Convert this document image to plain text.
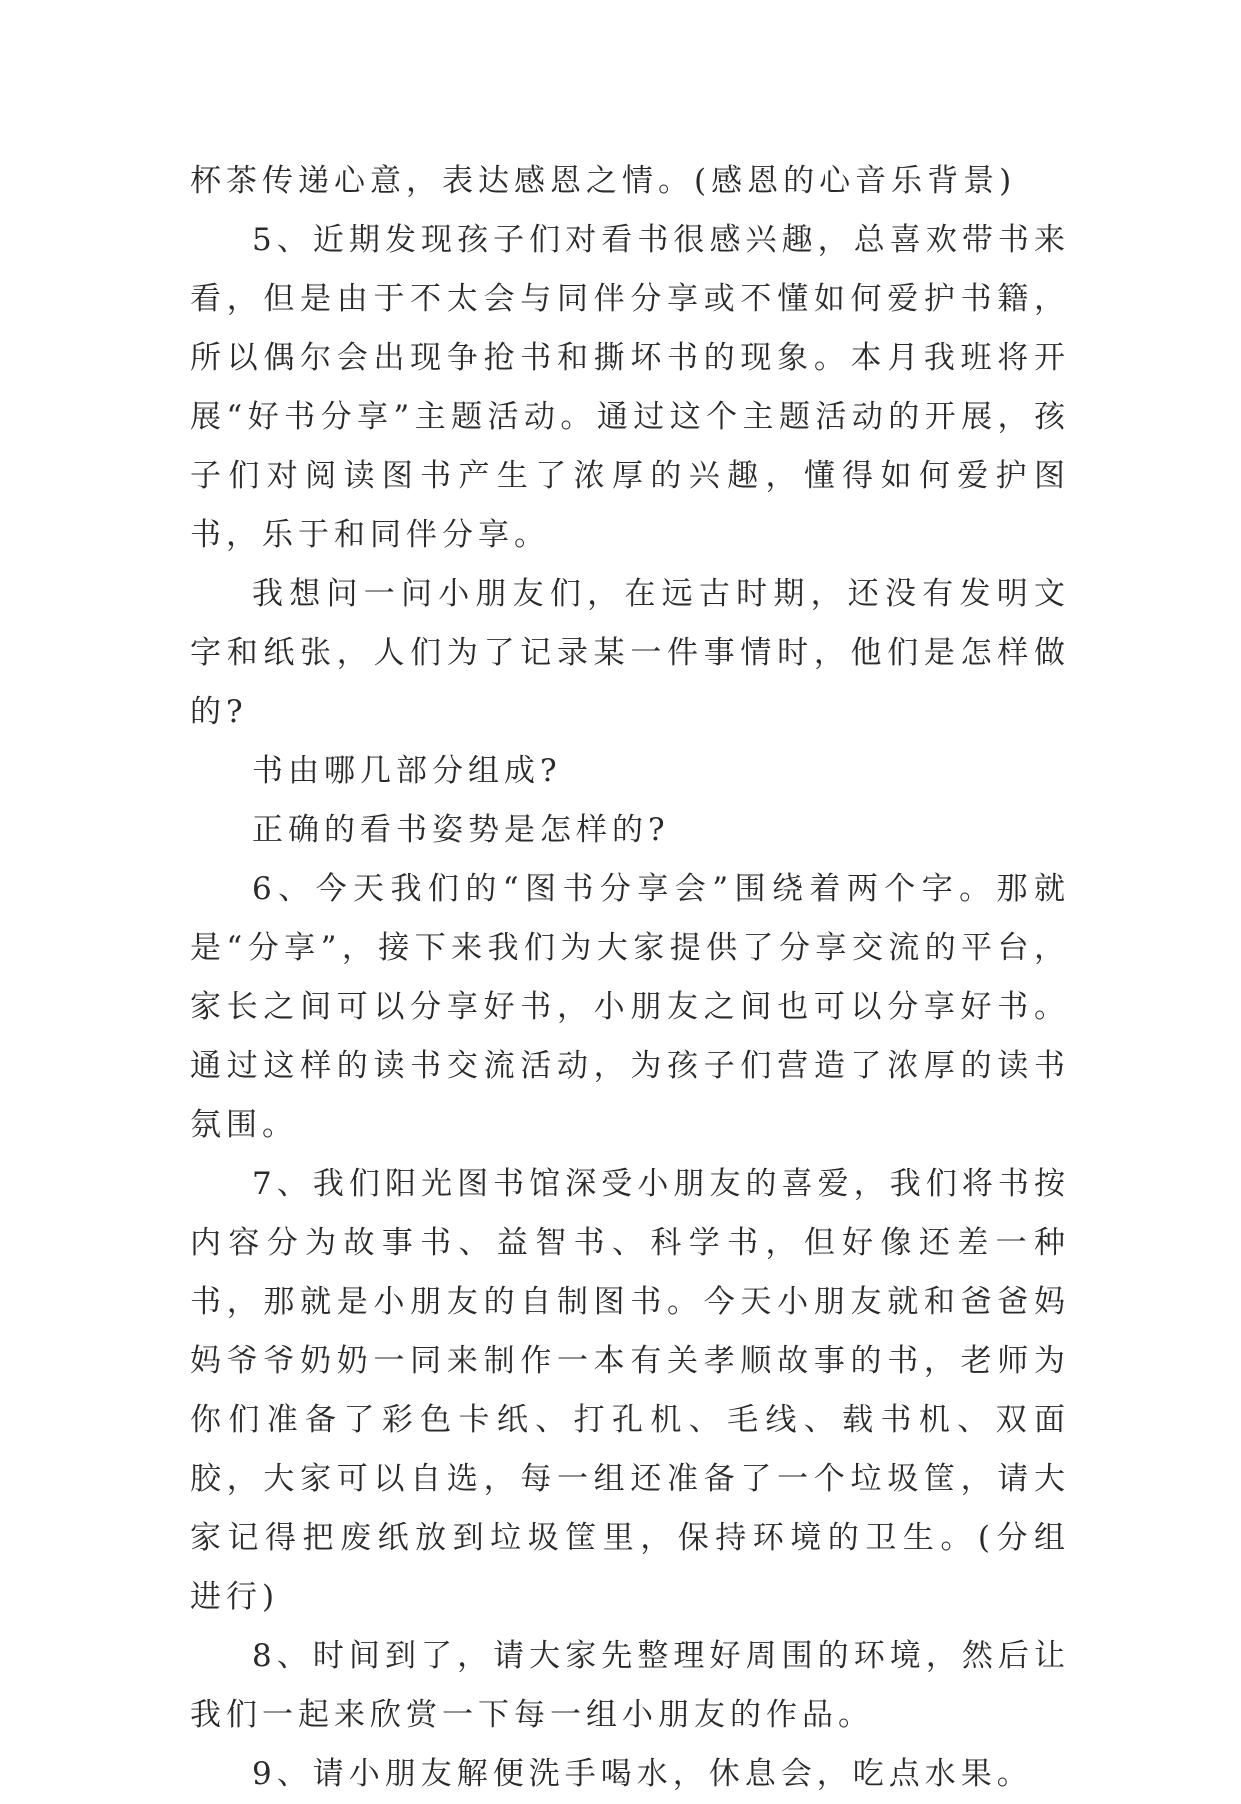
杯茶传递心意，表达感恩之情。(感恩的心音乐背景)

5、近期发现孩子们对看书很感兴趣，总喜欢带书来看，但是由于不太会与同伴分享或不懂如何爱护书籍，所以偶尔会出现争抢书和撕坏书的现象。本月我班将开展“好书分享”主题活动。通过这个主题活动的开展，孩子们对阅读图书产生了浓厚的兴趣，懂得如何爱护图书，乐于和同伴分享。

我想问一问小朋友们，在远古时期，还没有发明文字和纸张，人们为了记录某一件事情时，他们是怎样做的?

书由哪几部分组成?

正确的看书姿势是怎样的?

6、今天我们的“图书分享会”围绕着两个字。那就是“分享”，接下来我们为大家提供了分享交流的平台，家长之间可以分享好书，小朋友之间也可以分享好书。通过这样的读书交流活动，为孩子们营造了浓厚的读书氛围。

7、我们阳光图书馆深受小朋友的喜爱，我们将书按内容分为故事书、益智书、科学书，但好像还差一种书，那就是小朋友的自制图书。今天小朋友就和爸爸妈妈爷爷奶奶一同来制作一本有关孝顺故事的书，老师为你们准备了彩色卡纸、打孔机、毛线、载书机、双面胶，大家可以自选，每一组还准备了一个垃圾筐，请大家记得把废纸放到垃圾筐里，保持环境的卫生。(分组进行)

8、时间到了，请大家先整理好周围的环境，然后让我们一起来欣赏一下每一组小朋友的作品。

9、请小朋友解便洗手喝水，休息会，吃点水果。
